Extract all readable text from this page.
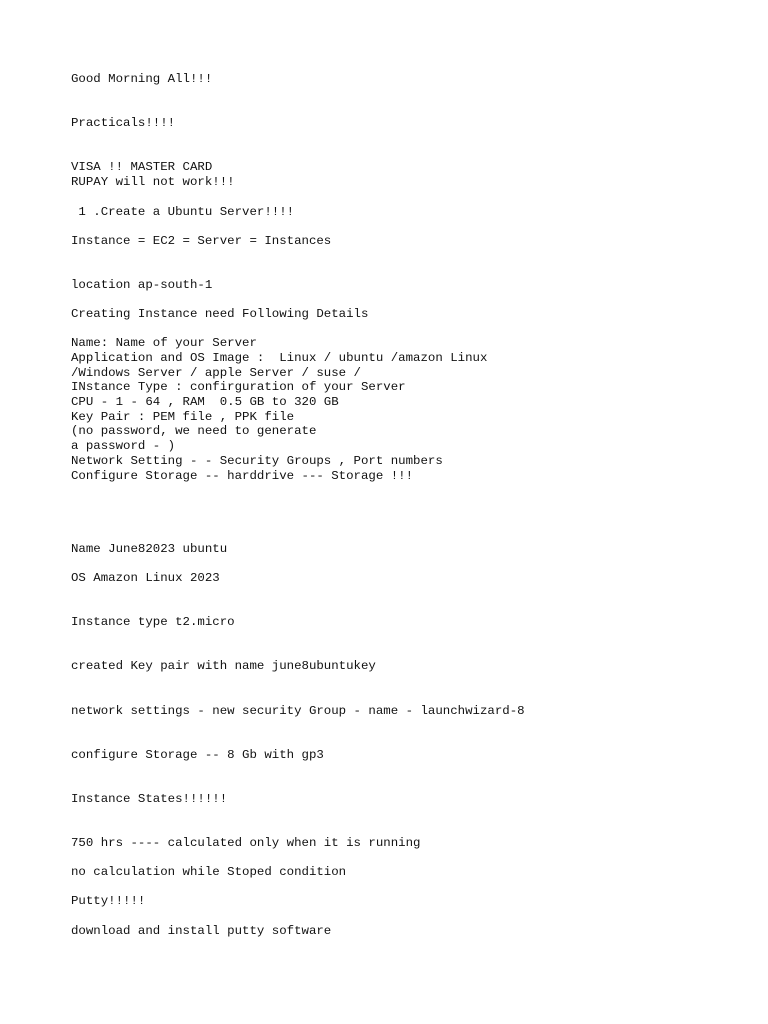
Good Morning All!!!

Practicals!!!!

VISA !! MASTER CARD

RUPAY will not work!!!

1 .Create a Ubuntu Server!!!!

Instance = EC2 = Server = Instances

location ap-south-1

Creating Instance need Following Details

Name: Name of your Server

Application and OS Image :  Linux / ubuntu /amazon Linux

/Windows Server / apple Server / suse /

INstance Type : confirguration of your Server

CPU - 1 - 64 , RAM  0.5 GB to 320 GB

Key Pair : PEM file , PPK file

(no password, we need to generate

a password - )

Network Setting - - Security Groups , Port numbers

Configure Storage -- harddrive --- Storage !!!

Name June82023 ubuntu

OS Amazon Linux 2023

Instance type t2.micro

created Key pair with name june8ubuntukey

network settings - new security Group - name - launchwizard-8

configure Storage -- 8 Gb with gp3

Instance States!!!!!!

750 hrs ---- calculated only when it is running

no calculation while Stoped condition

Putty!!!!!

download and install putty software
